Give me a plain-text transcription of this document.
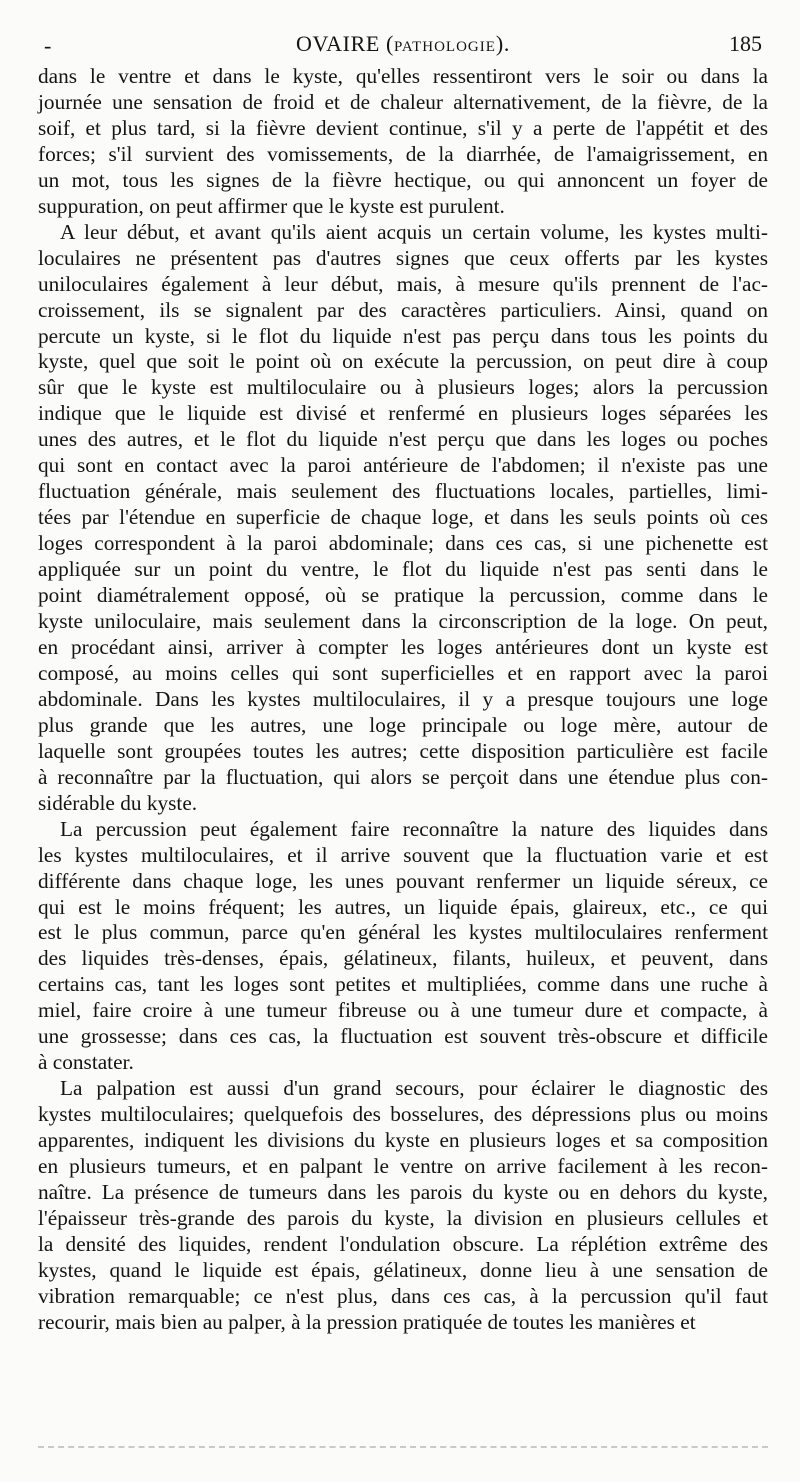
-	OVAIRE (PATHOLOGIE).	185
dans le ventre et dans le kyste, qu'elles ressentiront vers le soir ou dans la
journée une sensation de froid et de chaleur alternativement, de la fièvre, de la
soif, et plus tard, si la fièvre devient continue, s'il y a perte de l'appétit et des
forces; s'il survient des vomissements, de la diarrhée, de l'amaigrissement, en
un mot, tous les signes de la fièvre hectique, ou qui annoncent un foyer de
suppuration, on peut affirmer que le kyste est purulent.
A leur début, et avant qu'ils aient acquis un certain volume, les kystes multi-
loculaires ne présentent pas d'autres signes que ceux offerts par les kystes
uniloculaires également à leur début, mais, à mesure qu'ils prennent de l'ac-
croissement, ils se signalent par des caractères particuliers. Ainsi, quand on
percute un kyste, si le flot du liquide n'est pas perçu dans tous les points du
kyste, quel que soit le point où on exécute la percussion, on peut dire à coup
sûr que le kyste est multiloculaire ou à plusieurs loges; alors la percussion
indique que le liquide est divisé et renfermé en plusieurs loges séparées les
unes des autres, et le flot du liquide n'est perçu que dans les loges ou poches
qui sont en contact avec la paroi antérieure de l'abdomen; il n'existe pas une
fluctuation générale, mais seulement des fluctuations locales, partielles, limi-
tées par l'étendue en superficie de chaque loge, et dans les seuls points où ces
loges correspondent à la paroi abdominale; dans ces cas, si une pichenette est
appliquée sur un point du ventre, le flot du liquide n'est pas senti dans le
point diamétralement opposé, où se pratique la percussion, comme dans le
kyste uniloculaire, mais seulement dans la circonscription de la loge. On peut,
en procédant ainsi, arriver à compter les loges antérieures dont un kyste est
composé, au moins celles qui sont superficielles et en rapport avec la paroi
abdominale. Dans les kystes multiloculaires, il y a presque toujours une loge
plus grande que les autres, une loge principale ou loge mère, autour de
laquelle sont groupées toutes les autres; cette disposition particulière est facile
à reconnaître par la fluctuation, qui alors se perçoit dans une étendue plus con-
sidérable du kyste.
La percussion peut également faire reconnaître la nature des liquides dans
les kystes multiloculaires, et il arrive souvent que la fluctuation varie et est
différente dans chaque loge, les unes pouvant renfermer un liquide séreux, ce
qui est le moins fréquent; les autres, un liquide épais, glaireux, etc., ce qui
est le plus commun, parce qu'en général les kystes multiloculaires renferment
des liquides très-denses, épais, gélatineux, filants, huileux, et peuvent, dans
certains cas, tant les loges sont petites et multipliées, comme dans une ruche à
miel, faire croire à une tumeur fibreuse ou à une tumeur dure et compacte, à
une grossesse; dans ces cas, la fluctuation est souvent très-obscure et difficile
à constater.
La palpation est aussi d'un grand secours, pour éclairer le diagnostic des
kystes multiloculaires; quelquefois des bosselures, des dépressions plus ou moins
apparentes, indiquent les divisions du kyste en plusieurs loges et sa composition
en plusieurs tumeurs, et en palpant le ventre on arrive facilement à les recon-
naître. La présence de tumeurs dans les parois du kyste ou en dehors du kyste,
l'épaisseur très-grande des parois du kyste, la division en plusieurs cellules et
la densité des liquides, rendent l'ondulation obscure. La réplétion extrême des
kystes, quand le liquide est épais, gélatineux, donne lieu à une sensation de
vibration remarquable; ce n'est plus, dans ces cas, à la percussion qu'il faut
recourir, mais bien au palper, à la pression pratiquée de toutes les manières et
